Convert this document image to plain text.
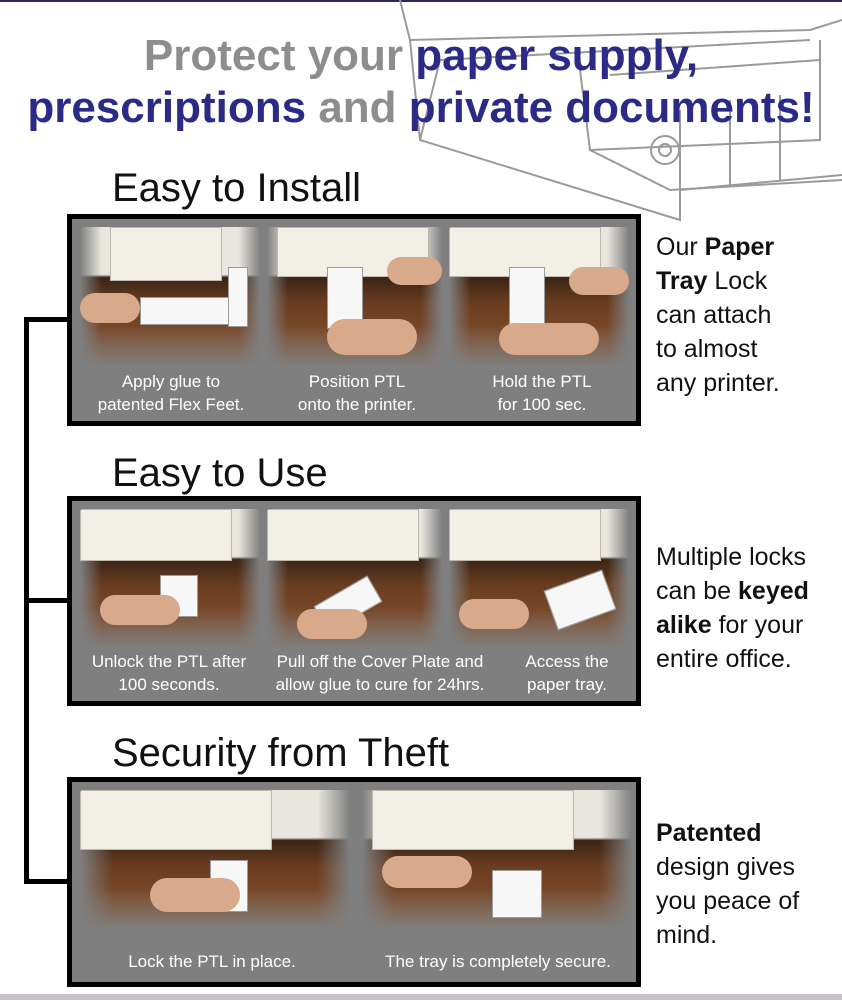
Protect your paper supply,
prescriptions and private documents!
Easy to Install
Apply glue to
patented Flex Feet.
Position PTL
onto the printer.
Hold the PTL
for 100 sec.

Our Paper
Tray Lock
can attach
to almost
any printer.

Easy to Use
Unlock the PTL after
100 seconds.
Pull off the Cover Plate and
allow glue to cure for 24hrs.
Access the
paper tray.

Multiple locks
can be keyed
alike for your
entire office.

Security from Theft
Lock the PTL in place.	The tray is completely secure.

Patented
design gives
you peace of
mind.
